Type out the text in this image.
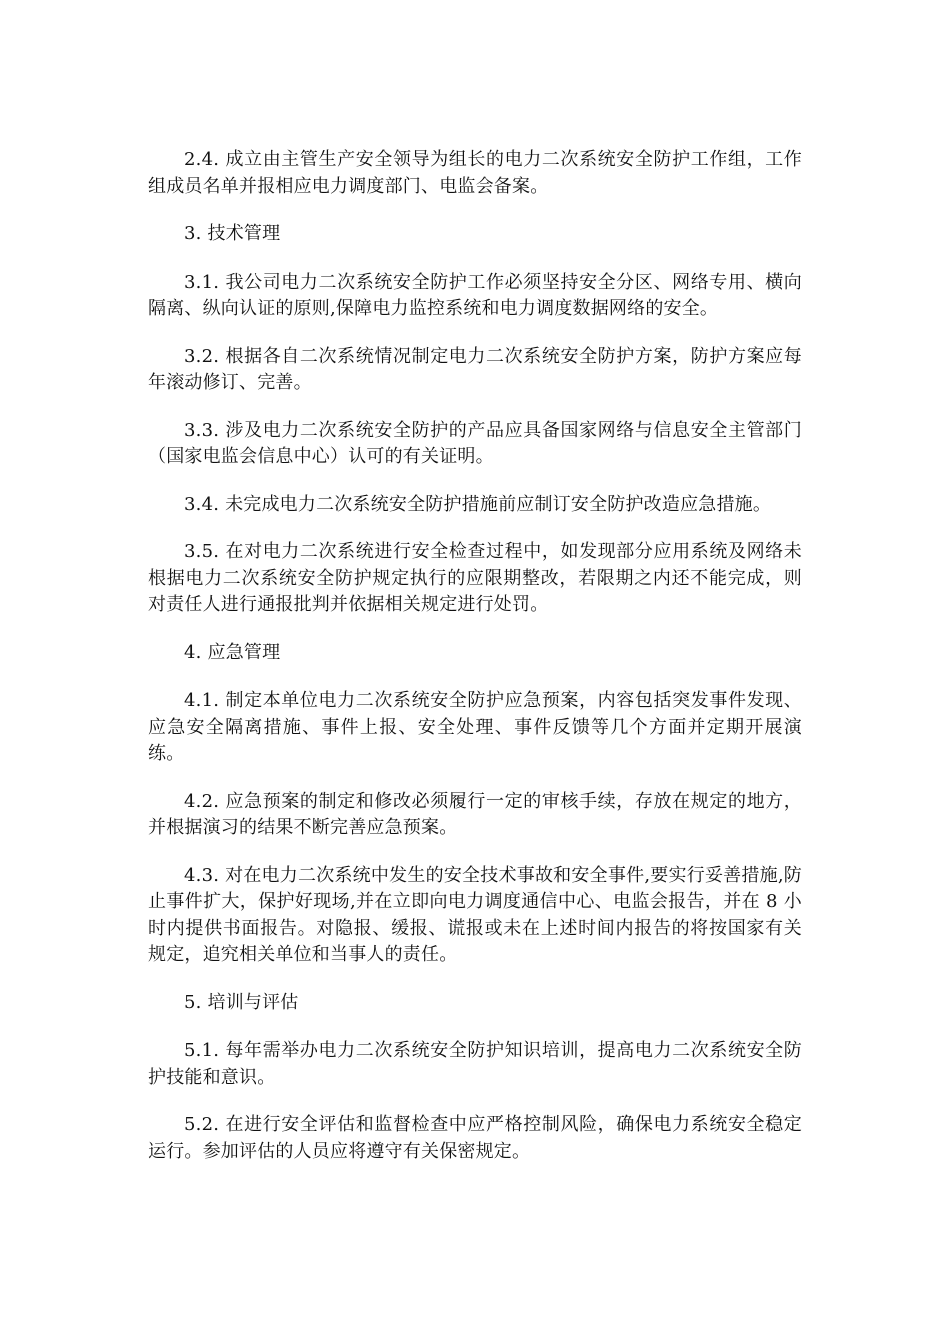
2.4. 成立由主管生产安全领导为组长的电力二次系统安全防护工作组，工作组成员名单并报相应电力调度部门、电监会备案。

3. 技术管理

3.1. 我公司电力二次系统安全防护工作必须坚持安全分区、网络专用、横向隔离、纵向认证的原则,保障电力监控系统和电力调度数据网络的安全。

3.2. 根据各自二次系统情况制定电力二次系统安全防护方案，防护方案应每年滚动修订、完善。

3.3. 涉及电力二次系统安全防护的产品应具备国家网络与信息安全主管部门（国家电监会信息中心）认可的有关证明。

3.4. 未完成电力二次系统安全防护措施前应制订安全防护改造应急措施。

3.5. 在对电力二次系统进行安全检查过程中，如发现部分应用系统及网络未根据电力二次系统安全防护规定执行的应限期整改，若限期之内还不能完成，则对责任人进行通报批判并依据相关规定进行处罚。

4. 应急管理

4.1. 制定本单位电力二次系统安全防护应急预案，内容包括突发事件发现、应急安全隔离措施、事件上报、安全处理、事件反馈等几个方面并定期开展演练。

4.2. 应急预案的制定和修改必须履行一定的审核手续，存放在规定的地方，并根据演习的结果不断完善应急预案。

4.3. 对在电力二次系统中发生的安全技术事故和安全事件,要实行妥善措施,防止事件扩大，保护好现场,并在立即向电力调度通信中心、电监会报告，并在 8 小时内提供书面报告。对隐报、缓报、谎报或未在上述时间内报告的将按国家有关规定，追究相关单位和当事人的责任。

5. 培训与评估

5.1. 每年需举办电力二次系统安全防护知识培训，提高电力二次系统安全防护技能和意识。

5.2. 在进行安全评估和监督检查中应严格控制风险，确保电力系统安全稳定运行。参加评估的人员应将遵守有关保密规定。
